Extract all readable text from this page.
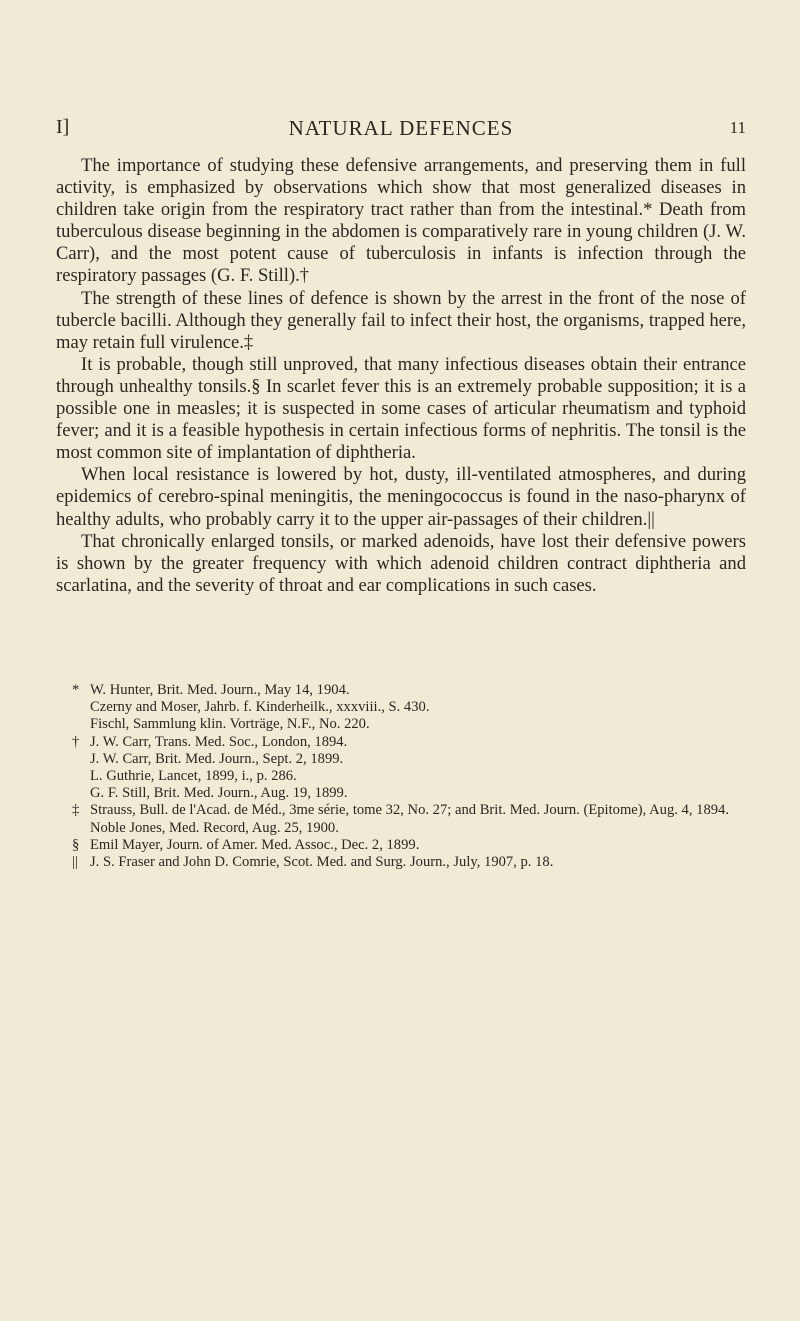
I]	NATURAL DEFENCES	11

The importance of studying these defensive arrangements, and preserving them in full activity, is emphasized by observations which show that most generalized diseases in children take origin from the respiratory tract rather than from the intestinal.* Death from tuberculous disease beginning in the abdomen is comparatively rare in young children (J. W. Carr), and the most potent cause of tuberculosis in infants is infection through the respiratory passages (G. F. Still).†

The strength of these lines of defence is shown by the arrest in the front of the nose of tubercle bacilli. Although they generally fail to infect their host, the organisms, trapped here, may retain full virulence.‡

It is probable, though still unproved, that many infectious diseases obtain their entrance through unhealthy tonsils.§ In scarlet fever this is an extremely probable supposition; it is a possible one in measles; it is suspected in some cases of articular rheumatism and typhoid fever; and it is a feasible hypothesis in certain infectious forms of nephritis. The tonsil is the most common site of implantation of diphtheria.

When local resistance is lowered by hot, dusty, ill-ventilated atmospheres, and during epidemics of cerebro-spinal meningitis, the meningococcus is found in the naso-pharynx of healthy adults, who probably carry it to the upper air-passages of their children.||

That chronically enlarged tonsils, or marked adenoids, have lost their defensive powers is shown by the greater frequency with which adenoid children contract diphtheria and scarlatina, and the severity of throat and ear complications in such cases.

* W. Hunter, Brit. Med. Journ., May 14, 1904.

Czerny and Moser, Jahrb. f. Kinderheilk., xxxviii., S. 430.

Fischl, Sammlung klin. Vorträge, N.F., No. 220.

† J. W. Carr, Trans. Med. Soc., London, 1894.

J. W. Carr, Brit. Med. Journ., Sept. 2, 1899.

L. Guthrie, Lancet, 1899, i., p. 286.

G. F. Still, Brit. Med. Journ., Aug. 19, 1899.

‡ Strauss, Bull. de l'Acad. de Méd., 3me série, tome 32, No. 27; and Brit. Med. Journ. (Epitome), Aug. 4, 1894.

Noble Jones, Med. Record, Aug. 25, 1900.

§ Emil Mayer, Journ. of Amer. Med. Assoc., Dec. 2, 1899.

|| J. S. Fraser and John D. Comrie, Scot. Med. and Surg. Journ., July, 1907, p. 18.
